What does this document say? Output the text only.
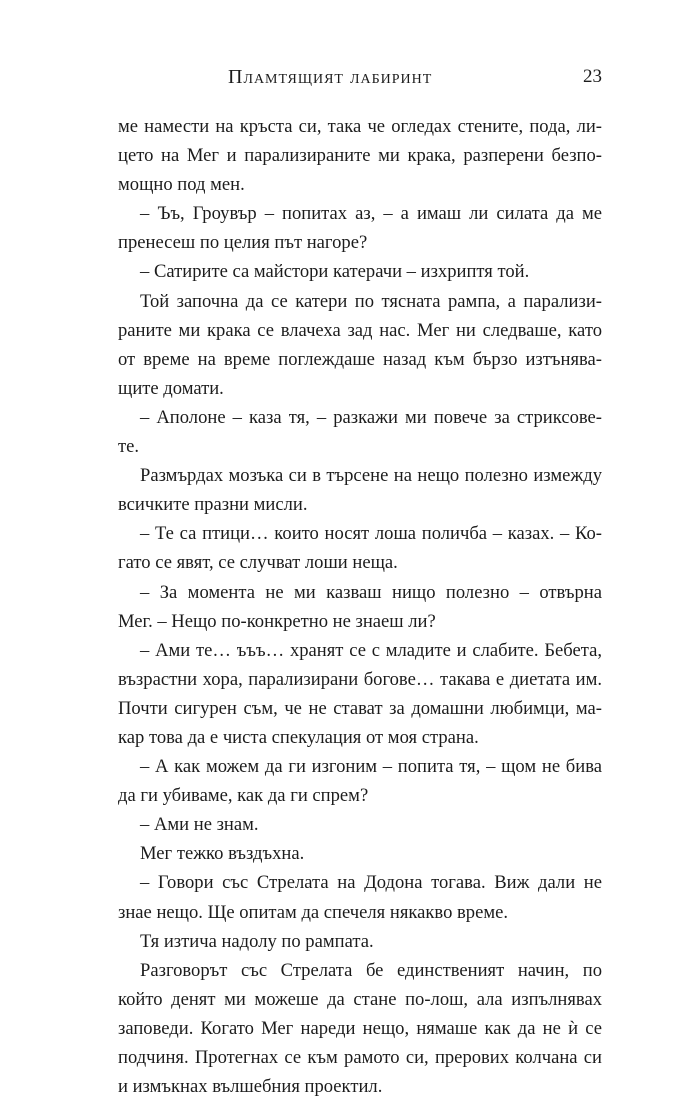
Пламтящият лабиринт	23
ме намести на кръста си, така че огледах стените, пода, ли-
цето на Мег и парализираните ми крака, разперени безпо-
мощно под мен.
– Ъъ, Гроувър – попитах аз, – а имаш ли силата да ме
пренесеш по целия път нагоре?
– Сатирите са майстори катерачи – изхриптя той.
Той започна да се катери по тясната рампа, а парализи-
раните ми крака се влачеха зад нас. Мег ни следваше, като
от време на време поглеждаше назад към бързо изтънява-
щите домати.
– Аполоне – каза тя, – разкажи ми повече за стриксове-
те.
Размърдах мозъка си в търсене на нещо полезно измежду
всичките празни мисли.
– Те са птици… които носят лоша поличба – казах. – Ко-
гато се явят, се случват лоши неща.
– За момента не ми казваш нищо полезно – отвърна
Мег. – Нещо по-конкретно не знаеш ли?
– Ами те… ъъъ… хранят се с младите и слабите. Бебета,
възрастни хора, парализирани богове… такава е диетата им.
Почти сигурен съм, че не стават за домашни любимци, ма-
кар това да е чиста спекулация от моя страна.
– А как можем да ги изгоним – попита тя, – щом не бива
да ги убиваме, как да ги спрем?
– Ами не знам.
Мег тежко въздъхна.
– Говори със Стрелата на Додона тогава. Виж дали не
знае нещо. Ще опитам да спечеля някакво време.
Тя изтича надолу по рампата.
Разговорът със Стрелата бе единственият начин, по
който денят ми можеше да стане по-лош, ала изпълнявах
заповеди. Когато Мег нареди нещо, нямаше как да не ѝ се
подчиня. Протегнах се към рамото си, прерових колчана си
и измъкнах вълшебния проектил.
